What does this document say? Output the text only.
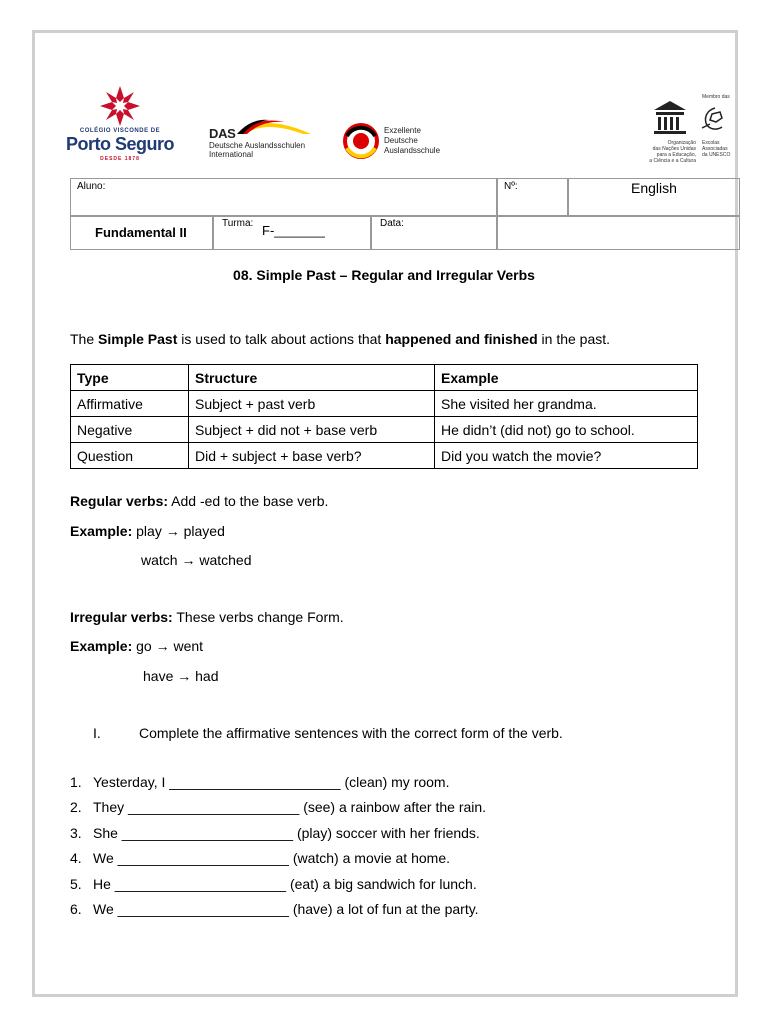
COLÉGIO VISCONDE DE
Porto Seguro
DESDE 1878
DAS
Deutsche Auslandsschulen
International
Exzellente
Deutsche
Auslandsschule
Membro das
Organização
das Nações Unidas
para a Educação,
a Ciência e a Cultura
Escolas
Associadas
da UNESCO
Aluno:	Nº:	English
Fundamental II
Turma: F-_______	Data:
08. Simple Past – Regular and Irregular Verbs
The Simple Past is used to talk about actions that happened and finished in the past.
Type	Structure	Example
Affirmative	Subject + past verb	She visited her grandma.
Negative	Subject + did not + base verb	He didn’t (did not) go to school.
Question	Did + subject + base verb?	Did you watch the movie?
Regular verbs: Add -ed to the base verb.
Example: play → played
watch → watched
Irregular verbs: These verbs change Form.
Example: go → went
have → had
I.	Complete the affirmative sentences with the correct form of the verb.
1. Yesterday, I ______________________ (clean) my room.
2. They ______________________ (see) a rainbow after the rain.
3. She ______________________ (play) soccer with her friends.
4. We ______________________ (watch) a movie at home.
5. He ______________________ (eat) a big sandwich for lunch.
6. We ______________________ (have) a lot of fun at the party.
